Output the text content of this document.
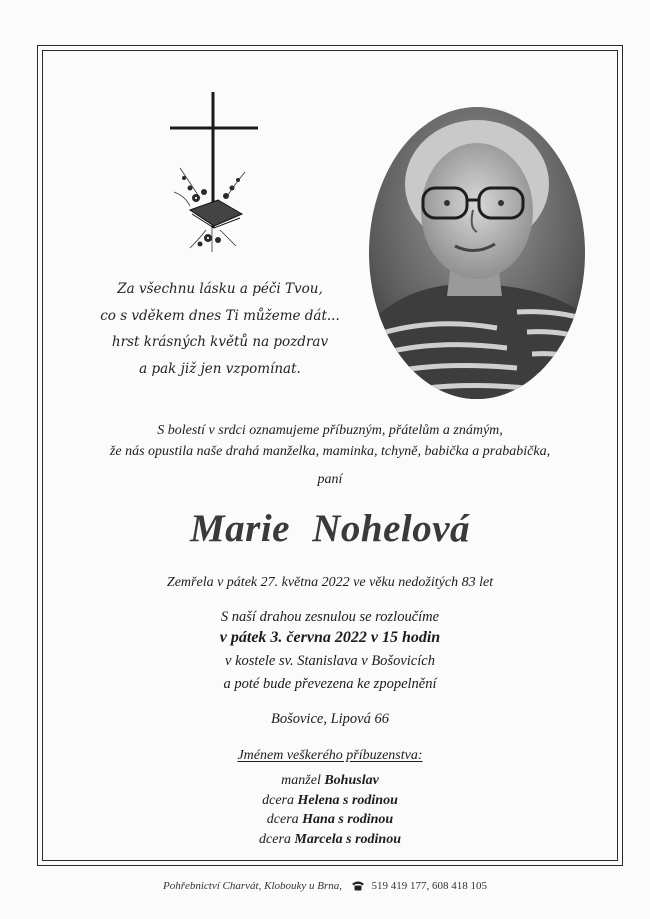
Za všechnu lásku a péči Tvou,
co s vděkem dnes Ti můžeme dát...
hrst krásných květů na pozdrav
a pak již jen vzpomínat.
S bolestí v srdci oznamujeme příbuzným, přátelům a známým,
že nás opustila naše drahá manželka, maminka, tchyně, babička a prababička,
paní
Marie Nohelová
Zemřela v pátek 27. května 2022 ve věku nedožitých 83 let
S naší drahou zesnulou se rozloučíme
v pátek 3. června 2022 v 15 hodin
v kostele sv. Stanislava v Bošovicích
a poté bude převezena ke zpopelnění
Bošovice, Lipová 66
Jménem veškerého příbuzenstva:
manžel Bohuslav
dcera Helena s rodinou
dcera Hana s rodinou
dcera Marcela s rodinou
Pohřebnictví Charvát, Klobouky u Brna,	519 419 177, 608 418 105
